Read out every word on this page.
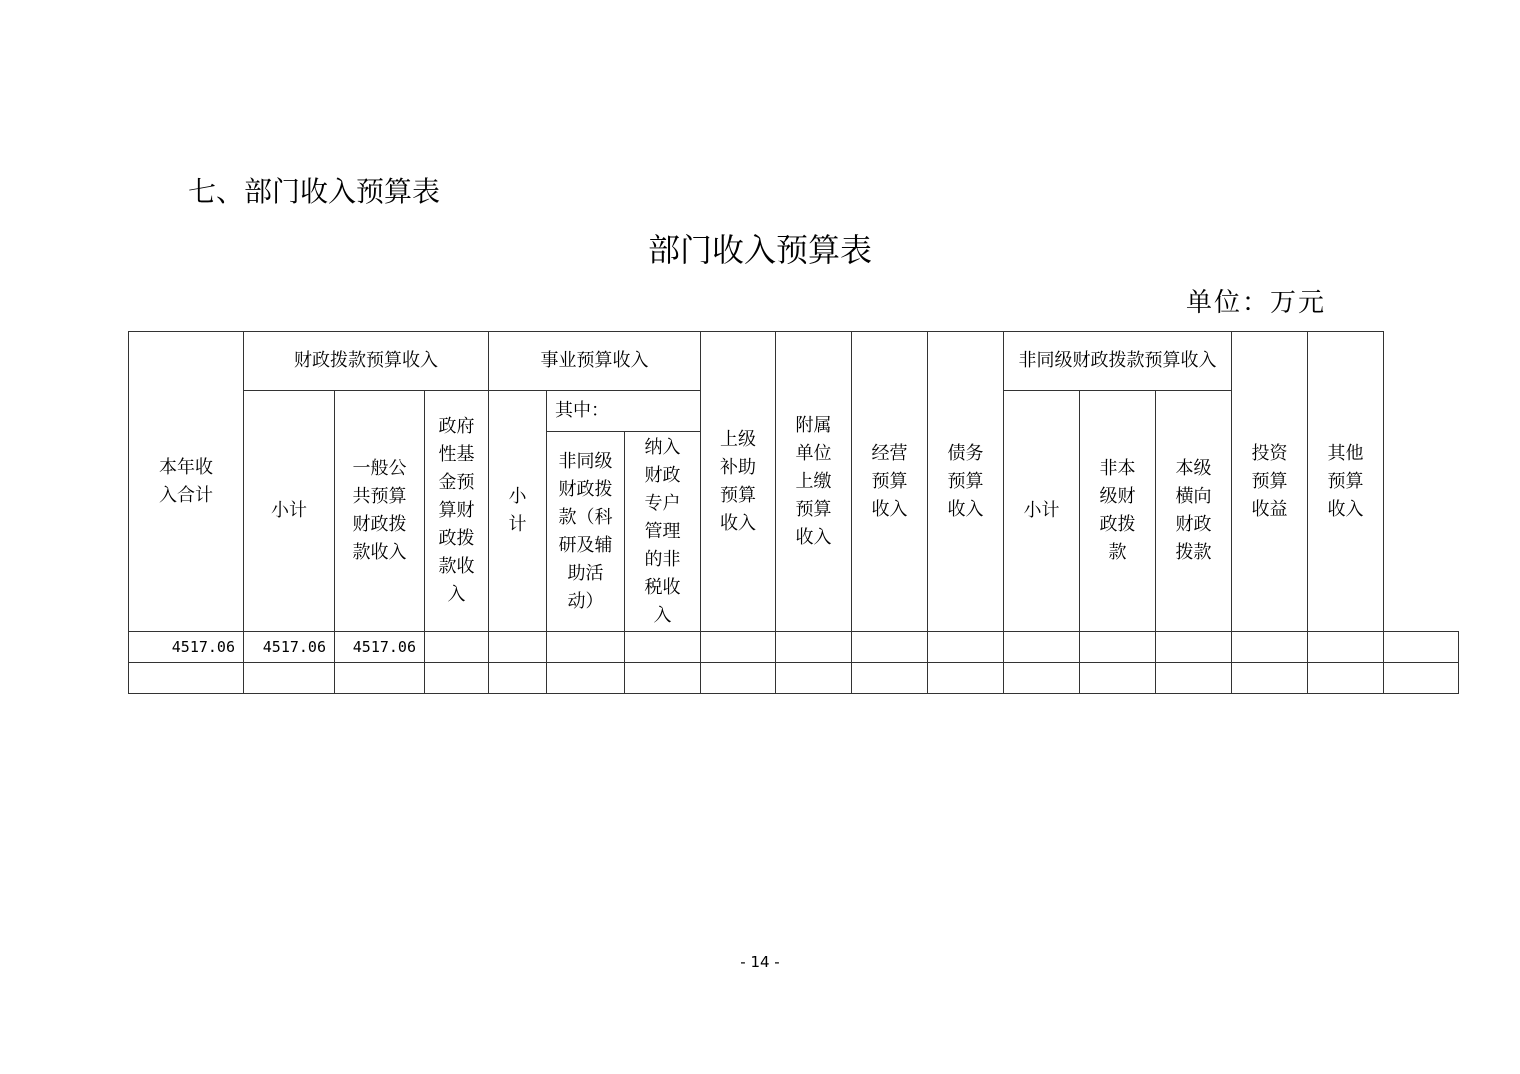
七、部门收入预算表
部门收入预算表
单位：万元
本年收入合计	财政拨款预算收入			事业预算收入			上级补助预算收入	附属单位上缴预算收入	经营预算收入	债务预算收入	非同级财政拨款预算收入			投资预算收益	其他预算收入	
	小计	一般公共预算财政拨款收入	政府性基金预算财政拨款收入	小计	其中：						小计	非本级财政拨款	本级横向财政拨款			
					非同级财政拨款（科研及辅助活动）	纳入财政专户管理的非税收入										
4517.06	4517.06	4517.06														

- 14 -
